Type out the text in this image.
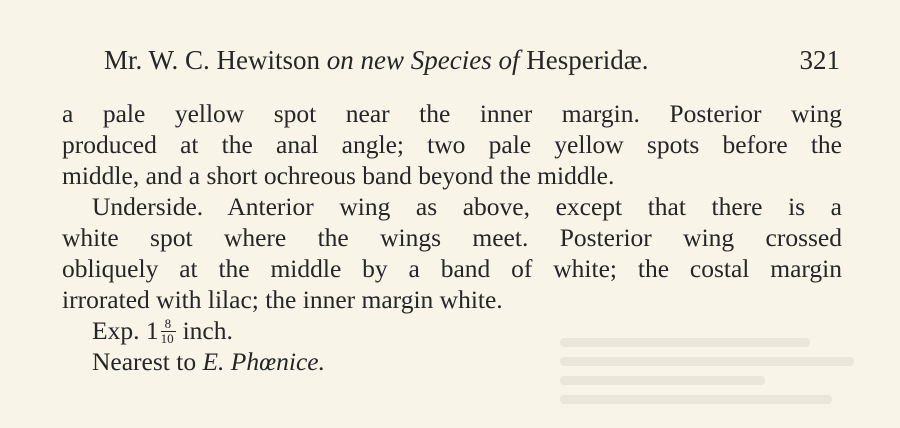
Mr. W. C. Hewitson on new Species of Hesperidæ.	321
a pale yellow spot near the inner margin. Posterior wing
produced at the anal angle; two pale yellow spots before the
middle, and a short ochreous band beyond the middle.
Underside. Anterior wing as above, except that there is a
white spot where the wings meet. Posterior wing crossed
obliquely at the middle by a band of white; the costal margin
irrorated with lilac; the inner margin white.
Exp. $1 \frac{8}{10}$ inch.
Nearest to E. Phœnice.
